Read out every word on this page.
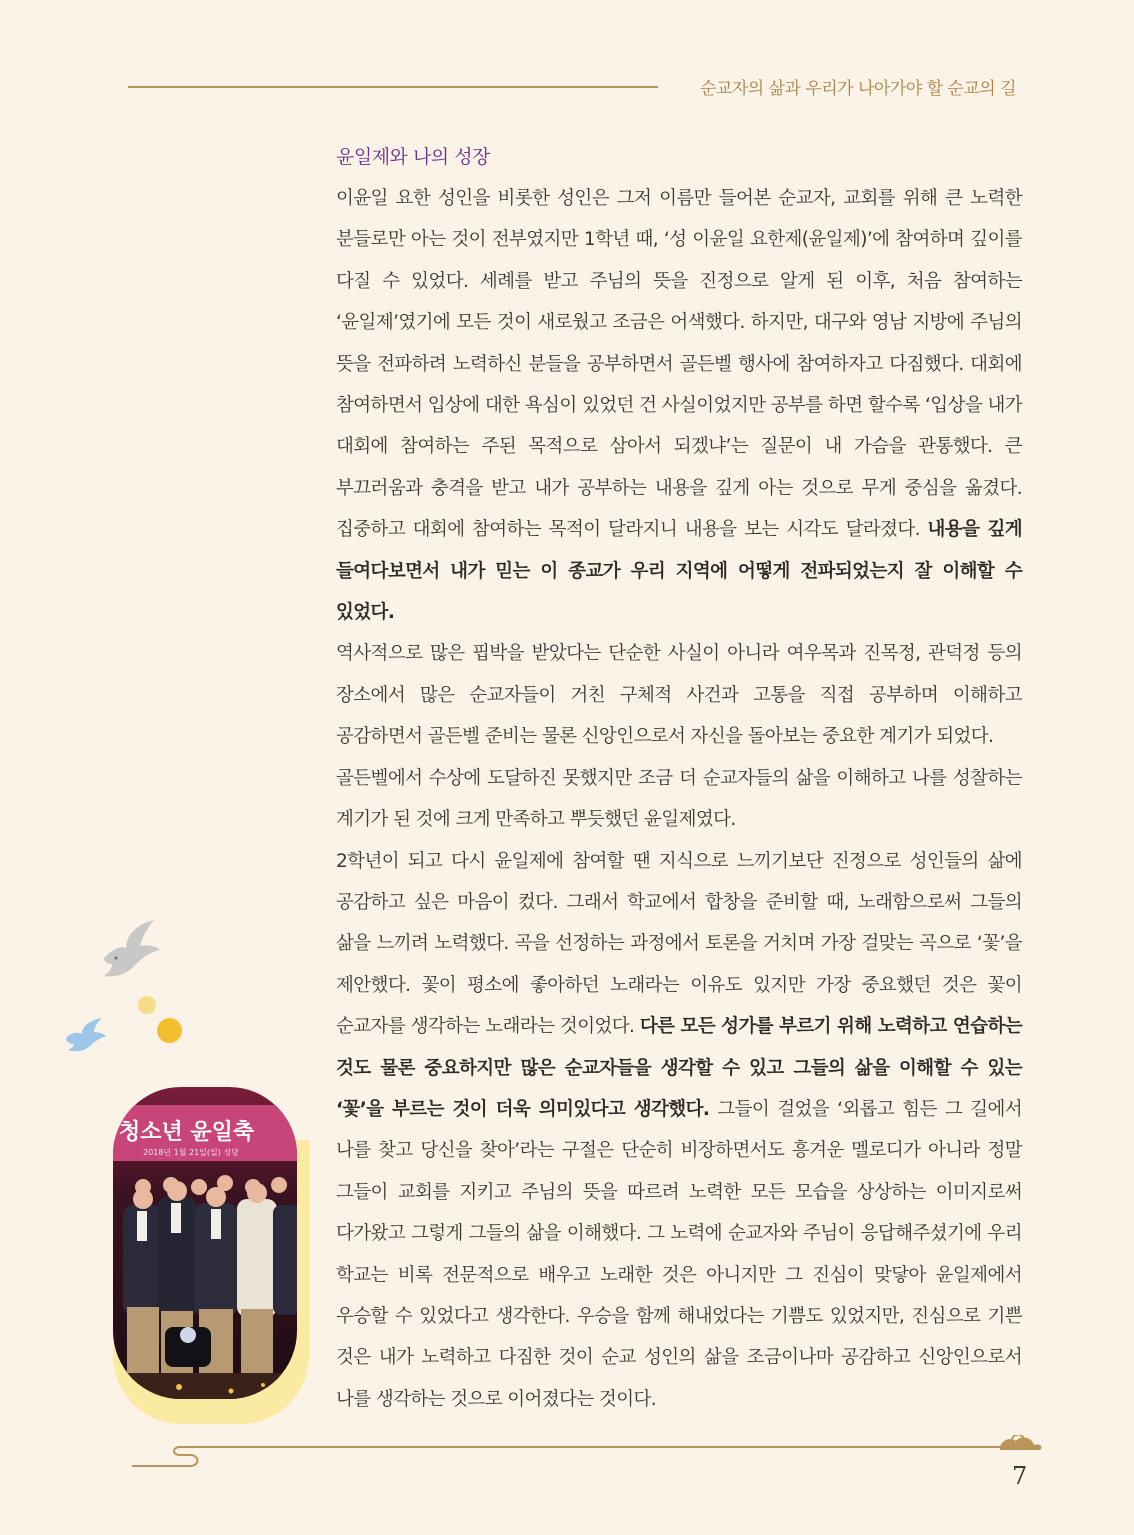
순교자의 삶과 우리가 나아가야 할 순교의 길
윤일제와 나의 성장

이윤일 요한 성인을 비롯한 성인은 그저 이름만 들어본 순교자, 교회를 위해 큰 노력한 분들로만 아는 것이 전부였지만 1학년 때, ‘성 이윤일 요한제(윤일제)’에 참여하며 깊이를 다질 수 있었다. 세례를 받고 주님의 뜻을 진정으로 알게 된 이후, 처음 참여하는 ‘윤일제’였기에 모든 것이 새로웠고 조금은 어색했다. 하지만, 대구와 영남 지방에 주님의 뜻을 전파하려 노력하신 분들을 공부하면서 골든벨 행사에 참여하자고 다짐했다. 대회에 참여하면서 입상에 대한 욕심이 있었던 건 사실이었지만 공부를 하면 할수록 ‘입상을 내가 대회에 참여하는 주된 목적으로 삼아서 되겠냐’는 질문이 내 가슴을 관통했다. 큰 부끄러움과 충격을 받고 내가 공부하는 내용을 깊게 아는 것으로 무게 중심을 옮겼다. 집중하고 대회에 참여하는 목적이 달라지니 내용을 보는 시각도 달라졌다. 내용을 깊게 들여다보면서 내가 믿는 이 종교가 우리 지역에 어떻게 전파되었는지 잘 이해할 수 있었다.

역사적으로 많은 핍박을 받았다는 단순한 사실이 아니라 여우목과 진목정, 관덕정 등의 장소에서 많은 순교자들이 거친 구체적 사건과 고통을 직접 공부하며 이해하고 공감하면서 골든벨 준비는 물론 신앙인으로서 자신을 돌아보는 중요한 계기가 되었다.

골든벨에서 수상에 도달하진 못했지만 조금 더 순교자들의 삶을 이해하고 나를 성찰하는 계기가 된 것에 크게 만족하고 뿌듯했던 윤일제였다.

2학년이 되고 다시 윤일제에 참여할 땐 지식으로 느끼기보단 진정으로 성인들의 삶에 공감하고 싶은 마음이 컸다. 그래서 학교에서 합창을 준비할 때, 노래함으로써 그들의 삶을 느끼려 노력했다. 곡을 선정하는 과정에서 토론을 거치며 가장 걸맞는 곡으로 ‘꽃’을 제안했다. 꽃이 평소에 좋아하던 노래라는 이유도 있지만 가장 중요했던 것은 꽃이 순교자를 생각하는 노래라는 것이었다. 다른 모든 성가를 부르기 위해 노력하고 연습하는 것도 물론 중요하지만 많은 순교자들을 생각할 수 있고 그들의 삶을 이해할 수 있는 ‘꽃’을 부르는 것이 더욱 의미있다고 생각했다. 그들이 걸었을 ‘외롭고 힘든 그 길에서 나를 찾고 당신을 찾아’라는 구절은 단순히 비장하면서도 흥겨운 멜로디가 아니라 정말 그들이 교회를 지키고 주님의 뜻을 따르려 노력한 모든 모습을 상상하는 이미지로써 다가왔고 그렇게 그들의 삶을 이해했다. 그 노력에 순교자와 주님이 응답해주셨기에 우리 학교는 비록 전문적으로 배우고 노래한 것은 아니지만 그 진심이 맞닿아 윤일제에서 우승할 수 있었다고 생각한다. 우승을 함께 해내었다는 기쁨도 있었지만, 진심으로 기쁜 것은 내가 노력하고 다짐한 것이 순교 성인의 삶을 조금이나마 공감하고 신앙인으로서 나를 생각하는 것으로 이어졌다는 것이다.

청소년 윤일축
2018년 1월 21일(일) 성당
7
